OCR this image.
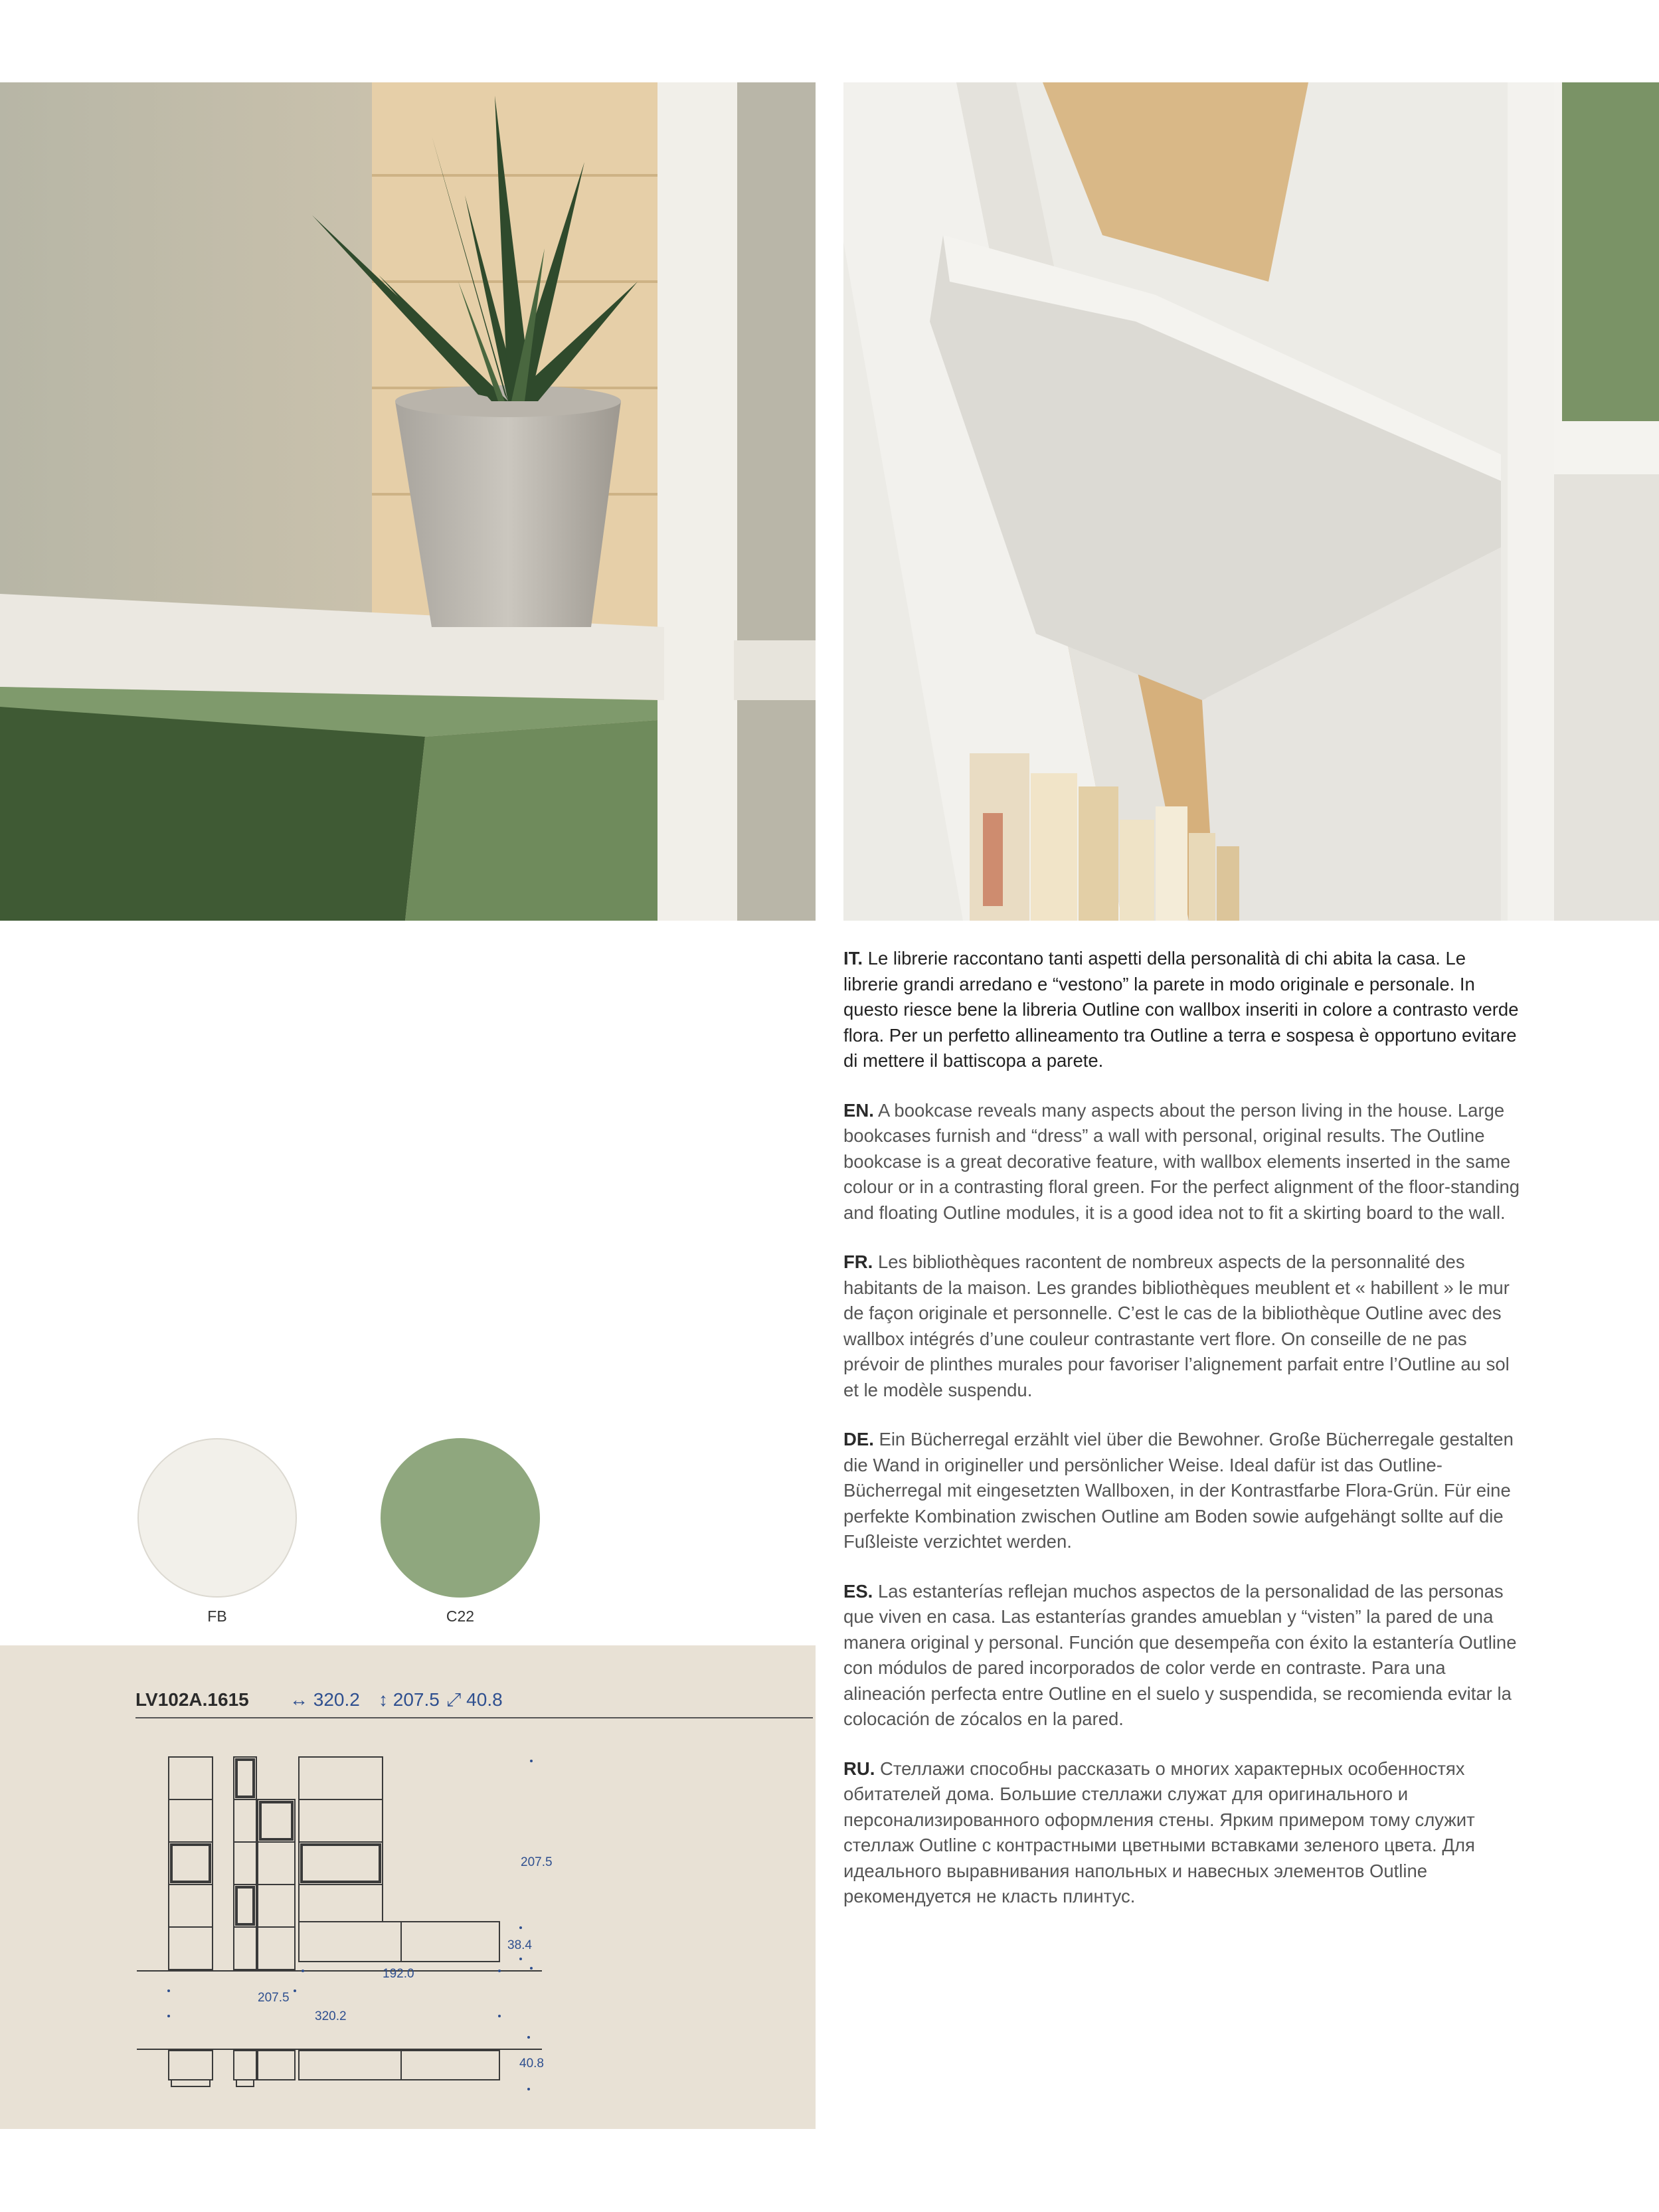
IT. Le librerie raccontano tanti aspetti della personalità di chi abita la casa. Le librerie grandi arredano e “vestono” la parete in modo originale e personale. In questo riesce bene la libreria Outline con wallbox inseriti in colore a contrasto verde flora. Per un perfetto allineamento tra Outline a terra e sospesa è opportuno evitare di mettere il battiscopa a parete.

EN. A bookcase reveals many aspects about the person living in the house. Large bookcases furnish and “dress” a wall with personal, original results. The Outline bookcase is a great decorative feature, with wallbox elements inserted in the same colour or in a contrasting floral green. For the perfect alignment of the floor-standing and floating Outline modules, it is a good idea not to fit a skirting board to the wall.

FR. Les bibliothèques racontent de nombreux aspects de la personnalité des habitants de la maison. Les grandes bibliothèques meublent et « habillent » le mur de façon originale et personnelle. C’est le cas de la bibliothèque Outline avec des wallbox intégrés d’une couleur contrastante vert flore. On conseille de ne pas prévoir de plinthes murales pour favoriser l’alignement parfait entre l’Outline au sol et le modèle suspendu.

DE. Ein Bücherregal erzählt viel über die Bewohner. Große Bücherregale gestalten die Wand in origineller und persönlicher Weise. Ideal dafür ist das Outline-Bücherregal mit eingesetzten Wallboxen, in der Kontrastfarbe Flora-Grün. Für eine perfekte Kombination zwischen Outline am Boden sowie aufgehängt sollte auf die Fußleiste verzichtet werden.

ES. Las estanterías reflejan muchos aspectos de la personalidad de las personas que viven en casa. Las estanterías grandes amueblan y “visten” la pared de una manera original y personal. Función que desempeña con éxito la estantería Outline con módulos de pared incorporados de color verde en contraste. Para una alineación perfecta entre Outline en el suelo y suspendida, se recomienda evitar la colocación de zócalos en la pared.

RU. Стеллажи способны рассказать о многих характерных особенностях обитателей дома. Большие стеллажи служат для оригинального и персонализированного оформления стены. Ярким примером тому служит стеллаж Outline с контрастными цветными вставками зеленого цвета. Для идеального выравнивания напольных и навесных элементов Outline рекомендуется не класть плинтус.

FB	C22
LV102A.1615 ↔ 320.2 ↕ 207.5 ⤢ 40.8
207.5
38.4
192.0
207.5
320.2
40.8
